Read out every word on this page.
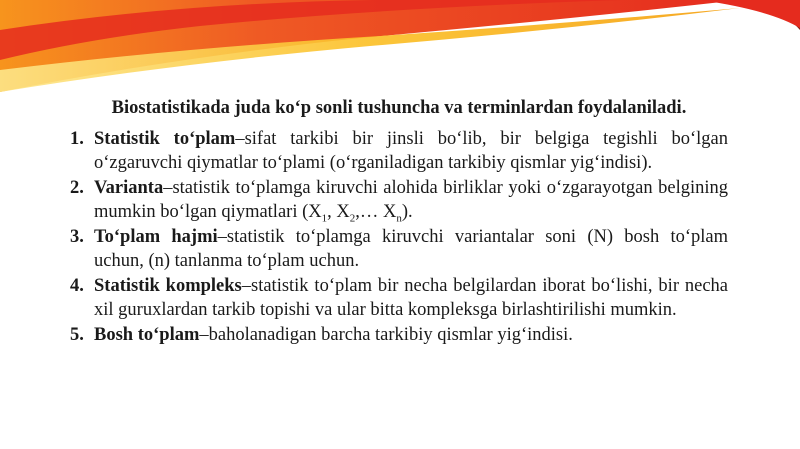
Biostatistikada juda koʻp sonli tushuncha va terminlardan foydalaniladi.

1. Statistik toʻplam–sifat tarkibi bir jinsli boʻlib, bir belgiga tegishli boʻlgan oʻzgaruvchi qiymatlar toʻplami (oʻrganiladigan tarkibiy qismlar yigʻindisi).
2. Varianta–statistik toʻplamga kiruvchi alohida birliklar yoki oʻzgarayotgan belgining mumkin boʻlgan qiymatlari ($X_1$, $X_2,\dots$ $X_n$).
3. Toʻplam hajmi–statistik toʻplamga kiruvchi variantalar soni (N) bosh toʻplam uchun, (n) tanlanma toʻplam uchun.
4. Statistik kompleks–statistik toʻplam bir necha belgilardan iborat boʻlishi, bir necha xil guruxlardan tarkib topishi va ular bitta kompleksga birlashtirilishi mumkin.
5. Bosh toʻplam–baholanadigan barcha tarkibiy qismlar yigʻindisi.
